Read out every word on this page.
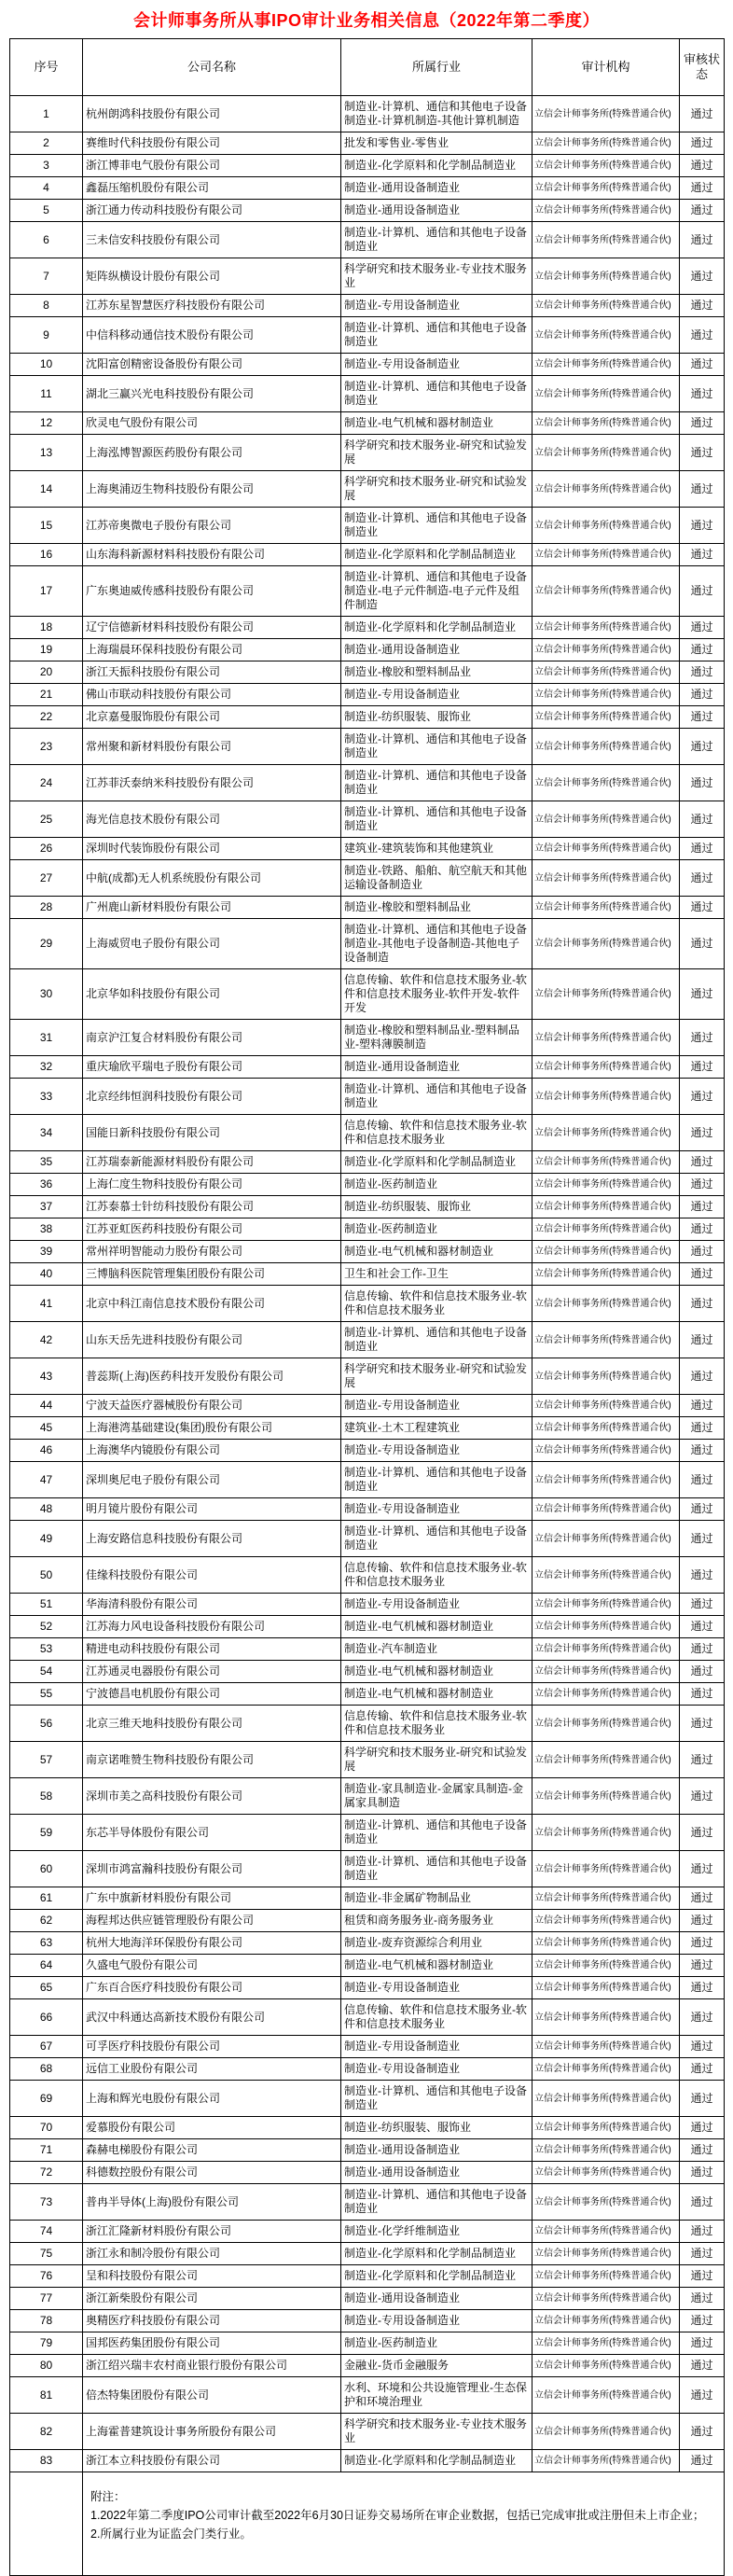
会计师事务所从事IPO审计业务相关信息（2022年第二季度）
序号	公司名称	所属行业	审计机构	审核状态
1	杭州朗鸿科技股份有限公司	制造业-计算机、通信和其他电子设备制造业-计算机制造-其他计算机制造	立信会计师事务所(特殊普通合伙)	通过
2	赛维时代科技股份有限公司	批发和零售业-零售业	立信会计师事务所(特殊普通合伙)	通过
3	浙江博菲电气股份有限公司	制造业-化学原料和化学制品制造业	立信会计师事务所(特殊普通合伙)	通过
4	鑫磊压缩机股份有限公司	制造业-通用设备制造业	立信会计师事务所(特殊普通合伙)	通过
5	浙江通力传动科技股份有限公司	制造业-通用设备制造业	立信会计师事务所(特殊普通合伙)	通过
6	三未信安科技股份有限公司	制造业-计算机、通信和其他电子设备制造业	立信会计师事务所(特殊普通合伙)	通过
7	矩阵纵横设计股份有限公司	科学研究和技术服务业-专业技术服务业	立信会计师事务所(特殊普通合伙)	通过
8	江苏东星智慧医疗科技股份有限公司	制造业-专用设备制造业	立信会计师事务所(特殊普通合伙)	通过
9	中信科移动通信技术股份有限公司	制造业-计算机、通信和其他电子设备制造业	立信会计师事务所(特殊普通合伙)	通过
10	沈阳富创精密设备股份有限公司	制造业-专用设备制造业	立信会计师事务所(特殊普通合伙)	通过
11	湖北三赢兴光电科技股份有限公司	制造业-计算机、通信和其他电子设备制造业	立信会计师事务所(特殊普通合伙)	通过
12	欣灵电气股份有限公司	制造业-电气机械和器材制造业	立信会计师事务所(特殊普通合伙)	通过
13	上海泓博智源医药股份有限公司	科学研究和技术服务业-研究和试验发展	立信会计师事务所(特殊普通合伙)	通过
14	上海奥浦迈生物科技股份有限公司	科学研究和技术服务业-研究和试验发展	立信会计师事务所(特殊普通合伙)	通过
15	江苏帝奥微电子股份有限公司	制造业-计算机、通信和其他电子设备制造业	立信会计师事务所(特殊普通合伙)	通过
16	山东海科新源材料科技股份有限公司	制造业-化学原料和化学制品制造业	立信会计师事务所(特殊普通合伙)	通过
17	广东奥迪威传感科技股份有限公司	制造业-计算机、通信和其他电子设备制造业-电子元件制造-电子元件及组件制造	立信会计师事务所(特殊普通合伙)	通过
18	辽宁信德新材料科技股份有限公司	制造业-化学原料和化学制品制造业	立信会计师事务所(特殊普通合伙)	通过
19	上海瑞晨环保科技股份有限公司	制造业-通用设备制造业	立信会计师事务所(特殊普通合伙)	通过
20	浙江天振科技股份有限公司	制造业-橡胶和塑料制品业	立信会计师事务所(特殊普通合伙)	通过
21	佛山市联动科技股份有限公司	制造业-专用设备制造业	立信会计师事务所(特殊普通合伙)	通过
22	北京嘉曼服饰股份有限公司	制造业-纺织服装、服饰业	立信会计师事务所(特殊普通合伙)	通过
23	常州聚和新材料股份有限公司	制造业-计算机、通信和其他电子设备制造业	立信会计师事务所(特殊普通合伙)	通过
24	江苏菲沃泰纳米科技股份有限公司	制造业-计算机、通信和其他电子设备制造业	立信会计师事务所(特殊普通合伙)	通过
25	海光信息技术股份有限公司	制造业-计算机、通信和其他电子设备制造业	立信会计师事务所(特殊普通合伙)	通过
26	深圳时代装饰股份有限公司	建筑业-建筑装饰和其他建筑业	立信会计师事务所(特殊普通合伙)	通过
27	中航(成都)无人机系统股份有限公司	制造业-铁路、船舶、航空航天和其他运输设备制造业	立信会计师事务所(特殊普通合伙)	通过
28	广州鹿山新材料股份有限公司	制造业-橡胶和塑料制品业	立信会计师事务所(特殊普通合伙)	通过
29	上海威贸电子股份有限公司	制造业-计算机、通信和其他电子设备制造业-其他电子设备制造-其他电子设备制造	立信会计师事务所(特殊普通合伙)	通过
30	北京华如科技股份有限公司	信息传输、软件和信息技术服务业-软件和信息技术服务业-软件开发-软件开发	立信会计师事务所(特殊普通合伙)	通过
31	南京沪江复合材料股份有限公司	制造业-橡胶和塑料制品业-塑料制品业-塑料薄膜制造	立信会计师事务所(特殊普通合伙)	通过
32	重庆瑜欣平瑞电子股份有限公司	制造业-通用设备制造业	立信会计师事务所(特殊普通合伙)	通过
33	北京经纬恒润科技股份有限公司	制造业-计算机、通信和其他电子设备制造业	立信会计师事务所(特殊普通合伙)	通过
34	国能日新科技股份有限公司	信息传输、软件和信息技术服务业-软件和信息技术服务业	立信会计师事务所(特殊普通合伙)	通过
35	江苏瑞泰新能源材料股份有限公司	制造业-化学原料和化学制品制造业	立信会计师事务所(特殊普通合伙)	通过
36	上海仁度生物科技股份有限公司	制造业-医药制造业	立信会计师事务所(特殊普通合伙)	通过
37	江苏泰慕士针纺科技股份有限公司	制造业-纺织服装、服饰业	立信会计师事务所(特殊普通合伙)	通过
38	江苏亚虹医药科技股份有限公司	制造业-医药制造业	立信会计师事务所(特殊普通合伙)	通过
39	常州祥明智能动力股份有限公司	制造业-电气机械和器材制造业	立信会计师事务所(特殊普通合伙)	通过
40	三博脑科医院管理集团股份有限公司	卫生和社会工作-卫生	立信会计师事务所(特殊普通合伙)	通过
41	北京中科江南信息技术股份有限公司	信息传输、软件和信息技术服务业-软件和信息技术服务业	立信会计师事务所(特殊普通合伙)	通过
42	山东天岳先进科技股份有限公司	制造业-计算机、通信和其他电子设备制造业	立信会计师事务所(特殊普通合伙)	通过
43	普蕊斯(上海)医药科技开发股份有限公司	科学研究和技术服务业-研究和试验发展	立信会计师事务所(特殊普通合伙)	通过
44	宁波天益医疗器械股份有限公司	制造业-专用设备制造业	立信会计师事务所(特殊普通合伙)	通过
45	上海港湾基础建设(集团)股份有限公司	建筑业-土木工程建筑业	立信会计师事务所(特殊普通合伙)	通过
46	上海澳华内镜股份有限公司	制造业-专用设备制造业	立信会计师事务所(特殊普通合伙)	通过
47	深圳奥尼电子股份有限公司	制造业-计算机、通信和其他电子设备制造业	立信会计师事务所(特殊普通合伙)	通过
48	明月镜片股份有限公司	制造业-专用设备制造业	立信会计师事务所(特殊普通合伙)	通过
49	上海安路信息科技股份有限公司	制造业-计算机、通信和其他电子设备制造业	立信会计师事务所(特殊普通合伙)	通过
50	佳缘科技股份有限公司	信息传输、软件和信息技术服务业-软件和信息技术服务业	立信会计师事务所(特殊普通合伙)	通过
51	华海清科股份有限公司	制造业-专用设备制造业	立信会计师事务所(特殊普通合伙)	通过
52	江苏海力风电设备科技股份有限公司	制造业-电气机械和器材制造业	立信会计师事务所(特殊普通合伙)	通过
53	精进电动科技股份有限公司	制造业-汽车制造业	立信会计师事务所(特殊普通合伙)	通过
54	江苏通灵电器股份有限公司	制造业-电气机械和器材制造业	立信会计师事务所(特殊普通合伙)	通过
55	宁波德昌电机股份有限公司	制造业-电气机械和器材制造业	立信会计师事务所(特殊普通合伙)	通过
56	北京三维天地科技股份有限公司	信息传输、软件和信息技术服务业-软件和信息技术服务业	立信会计师事务所(特殊普通合伙)	通过
57	南京诺唯赞生物科技股份有限公司	科学研究和技术服务业-研究和试验发展	立信会计师事务所(特殊普通合伙)	通过
58	深圳市美之高科技股份有限公司	制造业-家具制造业-金属家具制造-金属家具制造	立信会计师事务所(特殊普通合伙)	通过
59	东芯半导体股份有限公司	制造业-计算机、通信和其他电子设备制造业	立信会计师事务所(特殊普通合伙)	通过
60	深圳市鸿富瀚科技股份有限公司	制造业-计算机、通信和其他电子设备制造业	立信会计师事务所(特殊普通合伙)	通过
61	广东中旗新材料股份有限公司	制造业-非金属矿物制品业	立信会计师事务所(特殊普通合伙)	通过
62	海程邦达供应链管理股份有限公司	租赁和商务服务业-商务服务业	立信会计师事务所(特殊普通合伙)	通过
63	杭州大地海洋环保股份有限公司	制造业-废弃资源综合利用业	立信会计师事务所(特殊普通合伙)	通过
64	久盛电气股份有限公司	制造业-电气机械和器材制造业	立信会计师事务所(特殊普通合伙)	通过
65	广东百合医疗科技股份有限公司	制造业-专用设备制造业	立信会计师事务所(特殊普通合伙)	通过
66	武汉中科通达高新技术股份有限公司	信息传输、软件和信息技术服务业-软件和信息技术服务业	立信会计师事务所(特殊普通合伙)	通过
67	可孚医疗科技股份有限公司	制造业-专用设备制造业	立信会计师事务所(特殊普通合伙)	通过
68	远信工业股份有限公司	制造业-专用设备制造业	立信会计师事务所(特殊普通合伙)	通过
69	上海和辉光电股份有限公司	制造业-计算机、通信和其他电子设备制造业	立信会计师事务所(特殊普通合伙)	通过
70	爱慕股份有限公司	制造业-纺织服装、服饰业	立信会计师事务所(特殊普通合伙)	通过
71	森赫电梯股份有限公司	制造业-通用设备制造业	立信会计师事务所(特殊普通合伙)	通过
72	科德数控股份有限公司	制造业-通用设备制造业	立信会计师事务所(特殊普通合伙)	通过
73	普冉半导体(上海)股份有限公司	制造业-计算机、通信和其他电子设备制造业	立信会计师事务所(特殊普通合伙)	通过
74	浙江汇隆新材料股份有限公司	制造业-化学纤维制造业	立信会计师事务所(特殊普通合伙)	通过
75	浙江永和制冷股份有限公司	制造业-化学原料和化学制品制造业	立信会计师事务所(特殊普通合伙)	通过
76	呈和科技股份有限公司	制造业-化学原料和化学制品制造业	立信会计师事务所(特殊普通合伙)	通过
77	浙江新柴股份有限公司	制造业-通用设备制造业	立信会计师事务所(特殊普通合伙)	通过
78	奥精医疗科技股份有限公司	制造业-专用设备制造业	立信会计师事务所(特殊普通合伙)	通过
79	国邦医药集团股份有限公司	制造业-医药制造业	立信会计师事务所(特殊普通合伙)	通过
80	浙江绍兴瑞丰农村商业银行股份有限公司	金融业-货币金融服务	立信会计师事务所(特殊普通合伙)	通过
81	倍杰特集团股份有限公司	水利、环境和公共设施管理业-生态保护和环境治理业	立信会计师事务所(特殊普通合伙)	通过
82	上海霍普建筑设计事务所股份有限公司	科学研究和技术服务业-专业技术服务业	立信会计师事务所(特殊普通合伙)	通过
83	浙江本立科技股份有限公司	制造业-化学原料和化学制品制造业	立信会计师事务所(特殊普通合伙)	通过

	附注：
1.2022年第二季度IPO公司审计截至2022年6月30日证券交易场所在审企业数据，包括已完成审批或注册但未上市企业；
2.所属行业为证监会门类行业。			
